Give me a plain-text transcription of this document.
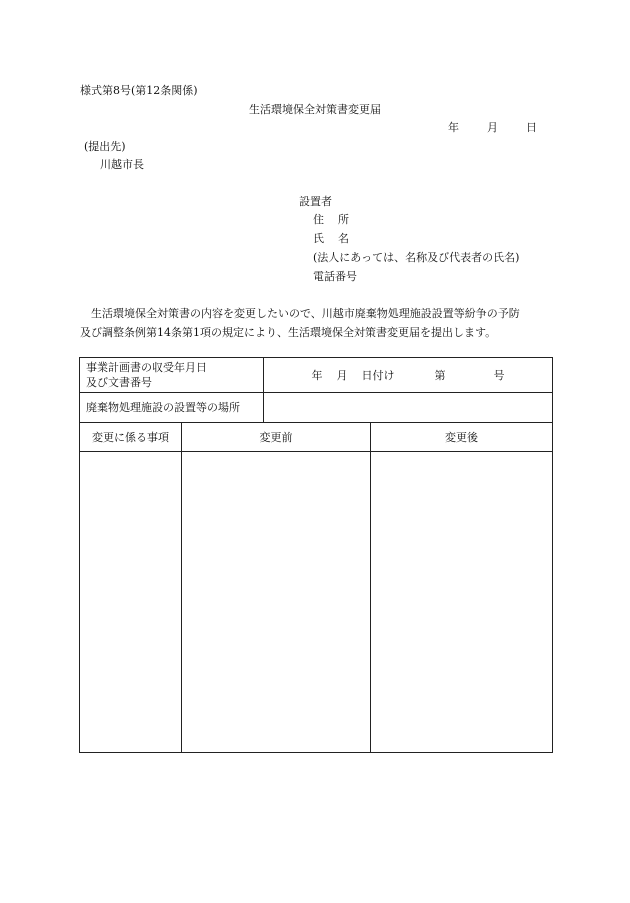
様式第8号(第12条関係)
生活環境保全対策書変更届
年	月	日
(提出先)
川越市長
設置者
住 所
氏 名
(法人にあっては、名称及び代表者の氏名)
電話番号
生活環境保全対策書の内容を変更したいので、川越市廃棄物処理施設設置等紛争の予防
及び調整条例第14条第1項の規定により、生活環境保全対策書変更届を提出します。
事業計画書の収受年月日
及び文書番号		年 月 日付け 第 号	
廃棄物処理施設の設置等の場所			
変更に係る事項	変更前		変更後
